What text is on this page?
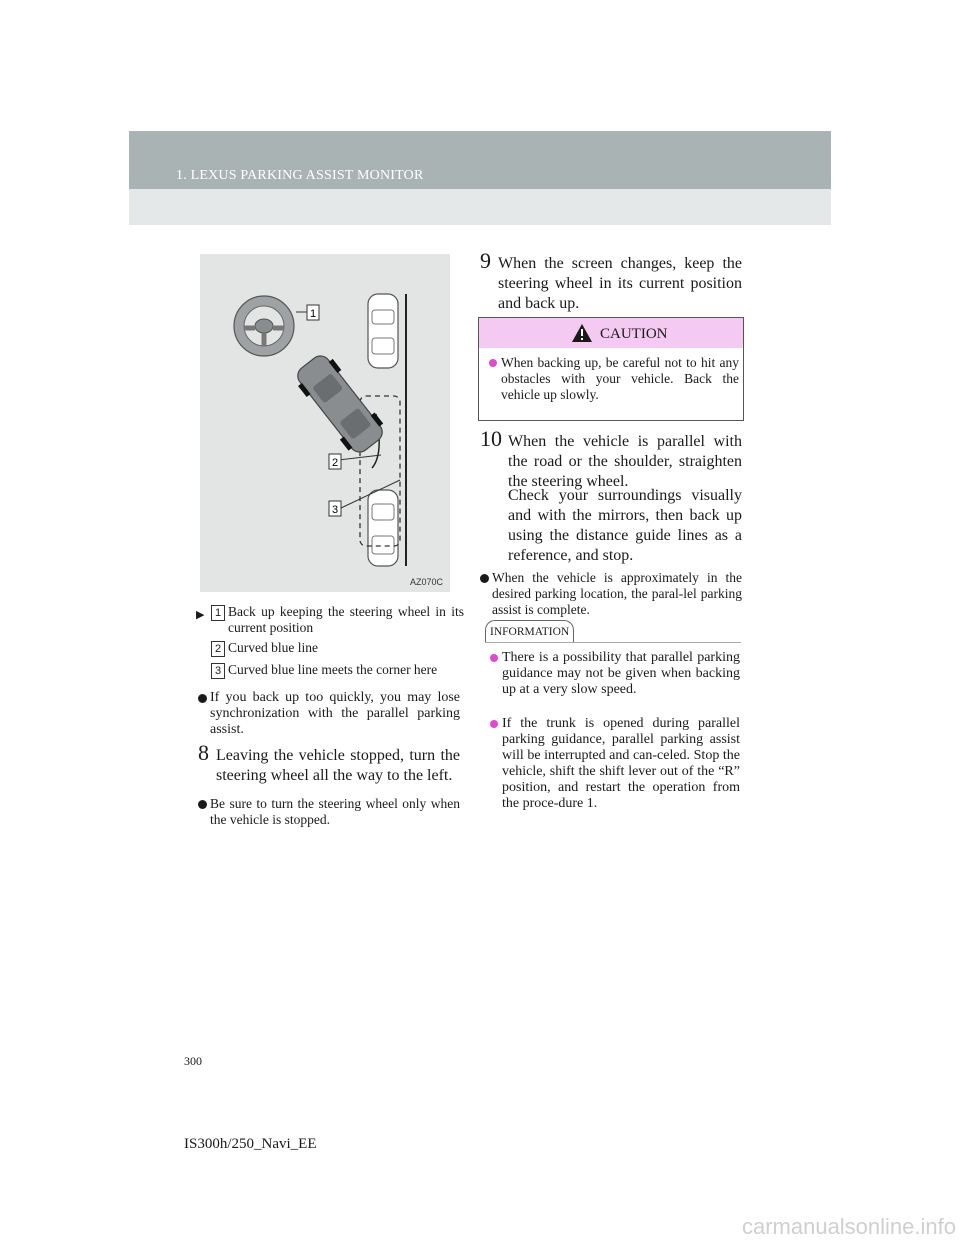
1. LEXUS PARKING ASSIST MONITOR
1
2
3
AZ070C
▶ 1 Back up keeping the steering wheel in its current position
2 Curved blue line
3 Curved blue line meets the corner here
If you back up too quickly, you may lose synchronization with the parallel parking assist.
8 Leaving the vehicle stopped, turn the steering wheel all the way to the left.
Be sure to turn the steering wheel only when the vehicle is stopped.
9 When the screen changes, keep the steering wheel in its current position and back up.
CAUTION
When backing up, be careful not to hit any obstacles with your vehicle. Back the vehicle up slowly.
10 When the vehicle is parallel with the road or the shoulder, straighten the steering wheel.
Check your surroundings visually and with the mirrors, then back up using the distance guide lines as a reference, and stop.
When the vehicle is approximately in the desired parking location, the paral-lel parking assist is complete.
INFORMATION
There is a possibility that parallel parking guidance may not be given when backing up at a very slow speed.
If the trunk is opened during parallel parking guidance, parallel parking assist will be interrupted and can-celed. Stop the vehicle, shift the shift lever out of the “R” position, and restart the operation from the proce-dure 1.
300
IS300h/250_Navi_EE
carmanualsonline.info
